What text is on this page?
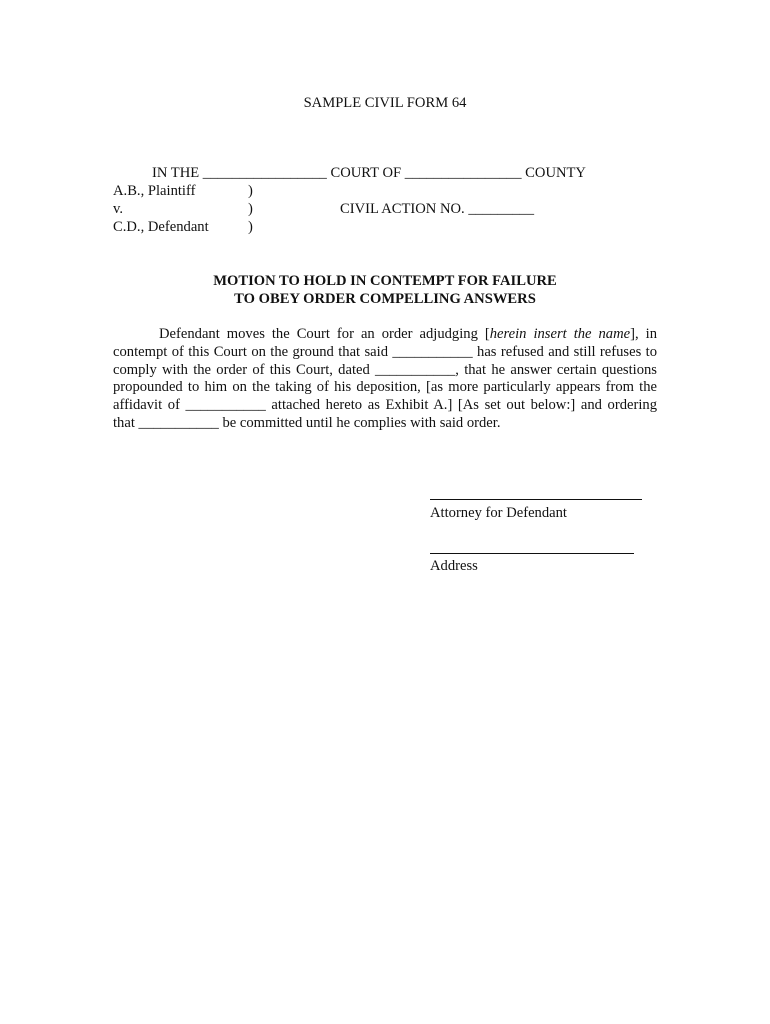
SAMPLE CIVIL FORM 64
IN THE _________________ COURT OF ________________ COUNTY
A.B., Plaintiff
v.
C.D., Defendant
)
)
)
CIVIL ACTION NO. _________
MOTION TO HOLD IN CONTEMPT FOR FAILURE
TO OBEY ORDER COMPELLING ANSWERS
Defendant moves the Court for an order adjudging [herein insert the name], in contempt of this Court on the ground that said ___________ has refused and still refuses to comply with the order of this Court, dated ___________, that he answer certain questions propounded to him on the taking of his deposition, [as more particularly appears from the affidavit of ___________ attached hereto as Exhibit A.] [As set out below:] and ordering that ___________ be committed until he complies with said order.
Attorney for Defendant
Address
